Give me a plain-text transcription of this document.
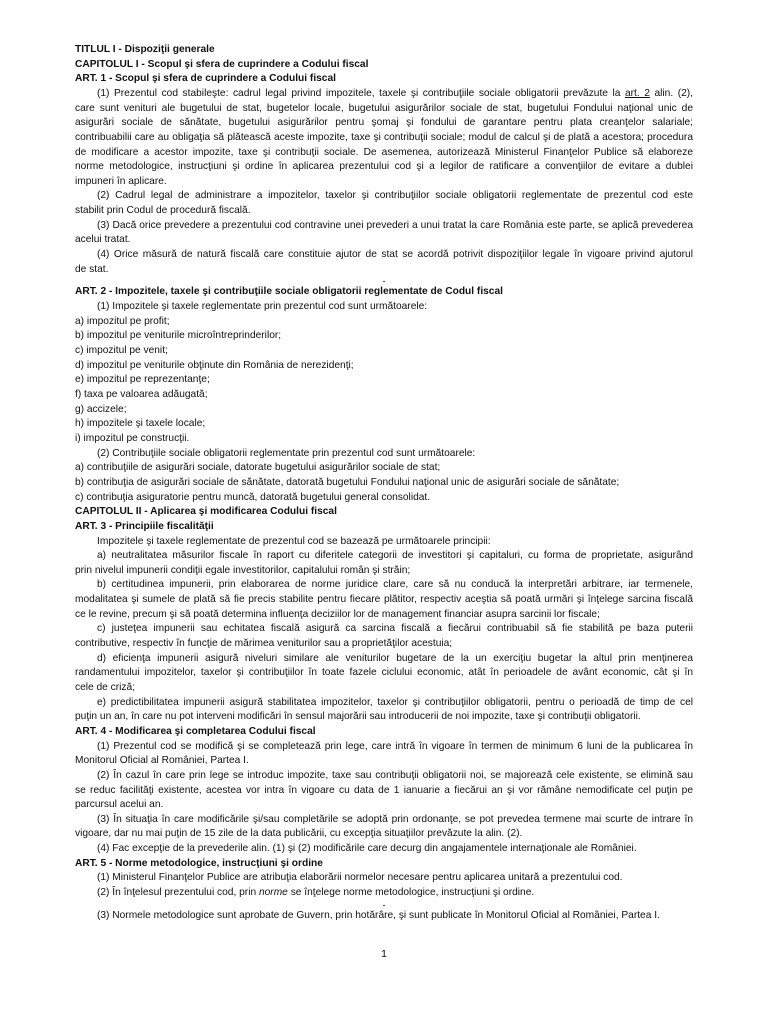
TITLUL I - Dispoziţii generale
CAPITOLUL I - Scopul şi sfera de cuprindere a Codului fiscal
ART. 1 - Scopul şi sfera de cuprindere a Codului fiscal
(1) Prezentul cod stabileşte: cadrul legal privind impozitele, taxele şi contribuţiile sociale obligatorii prevăzute la art. 2 alin. (2),
care sunt venituri ale bugetului de stat, bugetelor locale, bugetului asigurărilor sociale de stat, bugetului Fondului naţional unic de
asigurări sociale de sănătate, bugetului asigurărilor pentru şomaj şi fondului de garantare pentru plata creanţelor salariale;
contribuabilii care au obligaţia să plătească aceste impozite, taxe şi contribuţii sociale; modul de calcul şi de plată a acestora; procedura
de modificare a acestor impozite, taxe şi contribuţii sociale. De asemenea, autorizează Ministerul Finanţelor Publice să elaboreze
norme metodologice, instrucţiuni şi ordine în aplicarea prezentului cod şi a legilor de ratificare a convenţiilor de evitare a dublei
impuneri în aplicare.
(2) Cadrul legal de administrare a impozitelor, taxelor şi contribuţiilor sociale obligatorii reglementate de prezentul cod este
stabilit prin Codul de procedură fiscală.
(3) Dacă orice prevedere a prezentului cod contravine unei prevederi a unui tratat la care România este parte, se aplică prevederea
acelui tratat.
(4) Orice măsură de natură fiscală care constituie ajutor de stat se acordă potrivit dispoziţiilor legale în vigoare privind ajutorul
de stat.
-
ART. 2 - Impozitele, taxele şi contribuţiile sociale obligatorii reglementate de Codul fiscal
(1) Impozitele şi taxele reglementate prin prezentul cod sunt următoarele:
a) impozitul pe profit;
b) impozitul pe veniturile microîntreprinderilor;
c) impozitul pe venit;
d) impozitul pe veniturile obţinute din România de nerezidenţi;
e) impozitul pe reprezentanţe;
f) taxa pe valoarea adăugată;
g) accizele;
h) impozitele şi taxele locale;
i) impozitul pe construcţii.
(2) Contribuţiile sociale obligatorii reglementate prin prezentul cod sunt următoarele:
a) contribuţiile de asigurări sociale, datorate bugetului asigurărilor sociale de stat;
b) contribuţia de asigurări sociale de sănătate, datorată bugetului Fondului naţional unic de asigurări sociale de sănătate;
c) contribuţia asiguratorie pentru muncă, datorată bugetului general consolidat.
CAPITOLUL II - Aplicarea şi modificarea Codului fiscal
ART. 3 - Principiile fiscalităţii
Impozitele şi taxele reglementate de prezentul cod se bazează pe următoarele principii:
a) neutralitatea măsurilor fiscale în raport cu diferitele categorii de investitori şi capitaluri, cu forma de proprietate, asigurând
prin nivelul impunerii condiţii egale investitorilor, capitalului român şi străin;
b) certitudinea impunerii, prin elaborarea de norme juridice clare, care să nu conducă la interpretări arbitrare, iar termenele,
modalitatea şi sumele de plată să fie precis stabilite pentru fiecare plătitor, respectiv aceştia să poată urmări şi înţelege sarcina fiscală
ce le revine, precum şi să poată determina influenţa deciziilor lor de management financiar asupra sarcinii lor fiscale;
c) justeţea impunerii sau echitatea fiscală asigură ca sarcina fiscală a fiecărui contribuabil să fie stabilită pe baza puterii
contributive, respectiv în funcţie de mărimea veniturilor sau a proprietăţilor acestuia;
d) eficienţa impunerii asigură niveluri similare ale veniturilor bugetare de la un exerciţiu bugetar la altul prin menţinerea
randamentului impozitelor, taxelor şi contribuţiilor în toate fazele ciclului economic, atât în perioadele de avânt economic, cât şi în
cele de criză;
e) predictibilitatea impunerii asigură stabilitatea impozitelor, taxelor şi contribuţiilor obligatorii, pentru o perioadă de timp de cel
puţin un an, în care nu pot interveni modificări în sensul majorării sau introducerii de noi impozite, taxe şi contribuţii obligatorii.
ART. 4 - Modificarea şi completarea Codului fiscal
(1) Prezentul cod se modifică şi se completează prin lege, care intră în vigoare în termen de minimum 6 luni de la publicarea în
Monitorul Oficial al României, Partea I.
(2) În cazul în care prin lege se introduc impozite, taxe sau contribuţii obligatorii noi, se majorează cele existente, se elimină sau
se reduc facilităţi existente, acestea vor intra în vigoare cu data de 1 ianuarie a fiecărui an şi vor rămâne nemodificate cel puţin pe
parcursul acelui an.
(3) În situaţia în care modificările şi/sau completările se adoptă prin ordonanţe, se pot prevedea termene mai scurte de intrare în
vigoare, dar nu mai puţin de 15 zile de la data publicării, cu excepţia situaţiilor prevăzute la alin. (2).
(4) Fac excepţie de la prevederile alin. (1) şi (2) modificările care decurg din angajamentele internaţionale ale României.
ART. 5 - Norme metodologice, instrucţiuni şi ordine
(1) Ministerul Finanţelor Publice are atribuţia elaborării normelor necesare pentru aplicarea unitară a prezentului cod.
(2) În înţelesul prezentului cod, prin norme se înţelege norme metodologice, instrucţiuni şi ordine.
-
(3) Normele metodologice sunt aprobate de Guvern, prin hotărâre, şi sunt publicate în Monitorul Oficial al României, Partea I.
1
